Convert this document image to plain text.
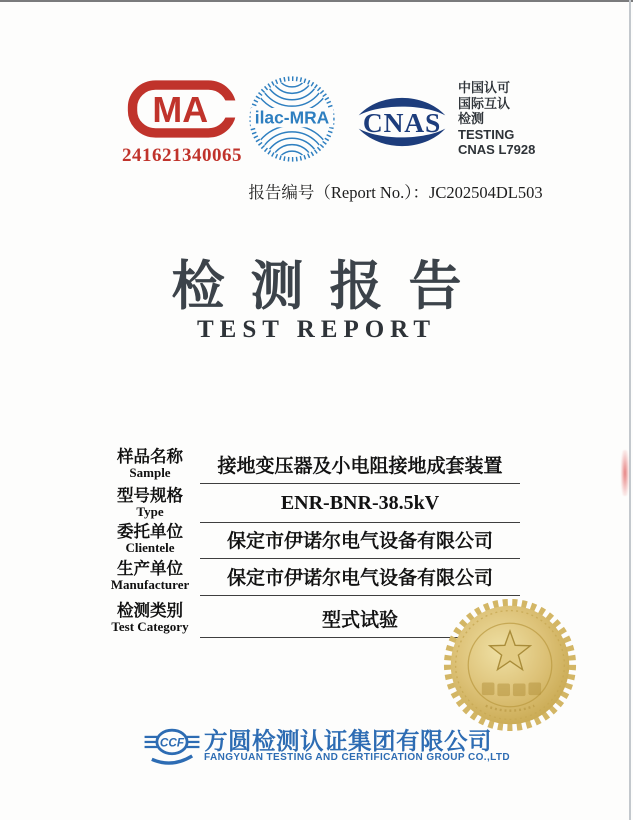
MA
241621340065
ilac-MRA CNAS
中国认可
国际互认
检测
TESTING
CNAS L7928
报告编号（Report No.）：JC202504DL503
检测报告
TEST REPORT
样品名称
Sample	接地变压器及小电阻接地成套装置
型号规格
Type	ENR-BNR-38.5kV
委托单位
Clientele	保定市伊诺尔电气设备有限公司
生产单位
Manufacturer	保定市伊诺尔电气设备有限公司
检测类别
Test Category	型式试验
CCF 方圆检测认证集团有限公司
FANGYUAN TESTING AND CERTIFICATION GROUP CO.,LTD
